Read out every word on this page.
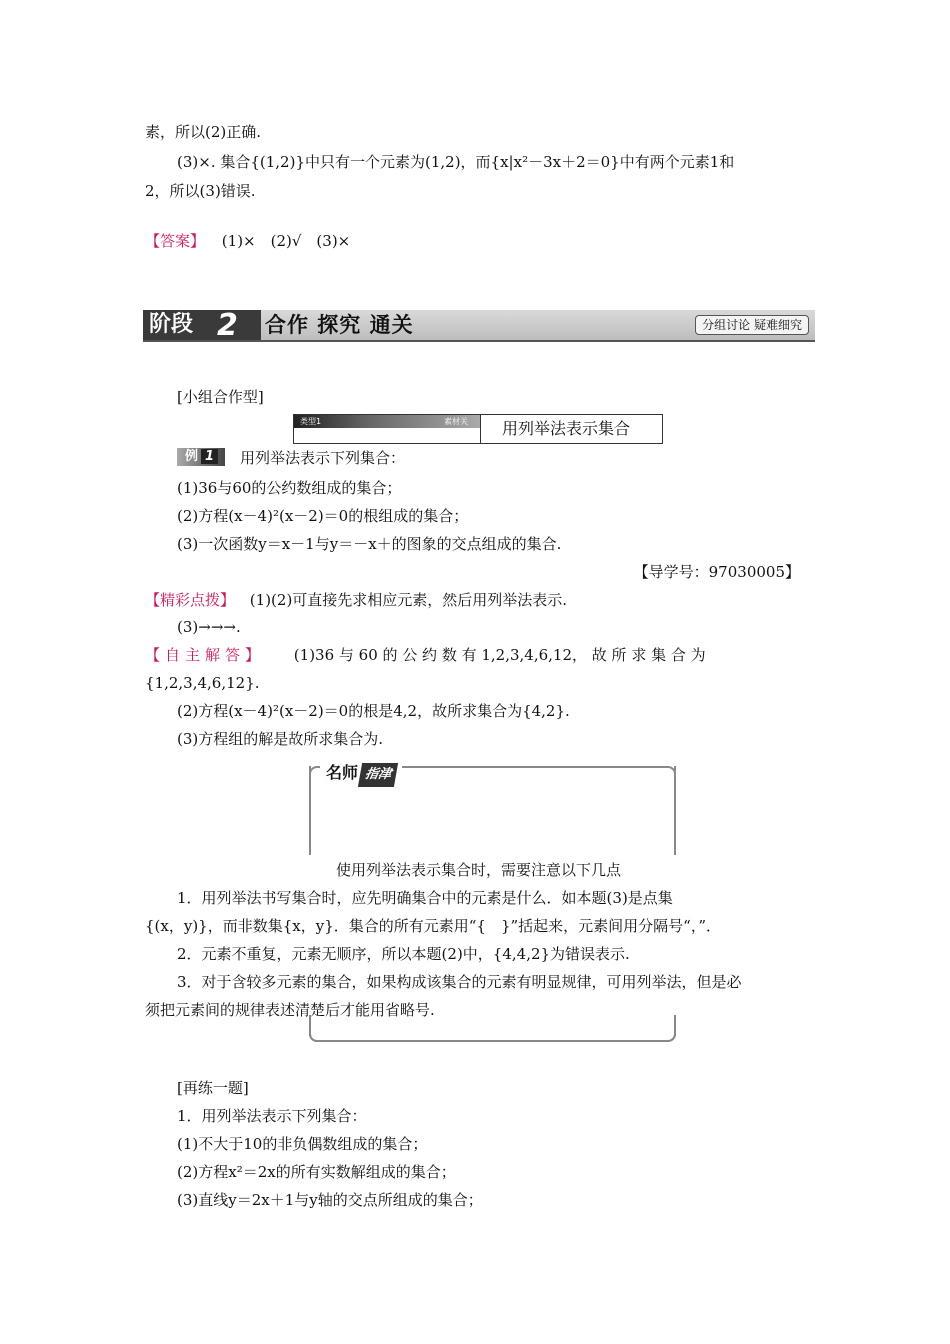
素，所以(2)正确.
(3)×. 集合{(1,2)}中只有一个元素为(1,2)，而{x|x²－3x＋2＝0}中有两个元素1和
2，所以(3)错误.
【答案】 (1)×　(2)√　(3)×
阶段 2 合作 探究 通关	分组讨论 疑难细究
[小组合作型]
类型1	素材关 用列举法表示集合
例 1	用列举法表示下列集合：
(1)36与60的公约数组成的集合；
(2)方程(x－4)²(x－2)＝0的根组成的集合；
(3)一次函数y＝x－1与y＝－x＋的图象的交点组成的集合.
【导学号：97030005】
【精彩点拨】 (1)(2)可直接先求相应元素，然后用列举法表示.
(3)→→→.
【自主解答】 (1)36 与 60 的 公 约 数 有 1,2,3,4,6,12， 故 所 求 集 合 为
{1,2,3,4,6,12}.
(2)方程(x－4)²(x－2)＝0的根是4,2，故所求集合为{4,2}.
(3)方程组的解是故所求集合为.
名师 指津
使用列举法表示集合时，需要注意以下几点
1．用列举法书写集合时，应先明确集合中的元素是什么．如本题(3)是点集
{(x，y)}，而非数集{x，y}．集合的所有元素用“{　}”括起来，元素间用分隔号“，”．
2．元素不重复，元素无顺序，所以本题(2)中，{4,4,2}为错误表示.
3．对于含较多元素的集合，如果构成该集合的元素有明显规律，可用列举法，但是必
须把元素间的规律表述清楚后才能用省略号.
[再练一题]
1．用列举法表示下列集合：
(1)不大于10的非负偶数组成的集合；
(2)方程x²＝2x的所有实数解组成的集合；
(3)直线y＝2x＋1与y轴的交点所组成的集合；
